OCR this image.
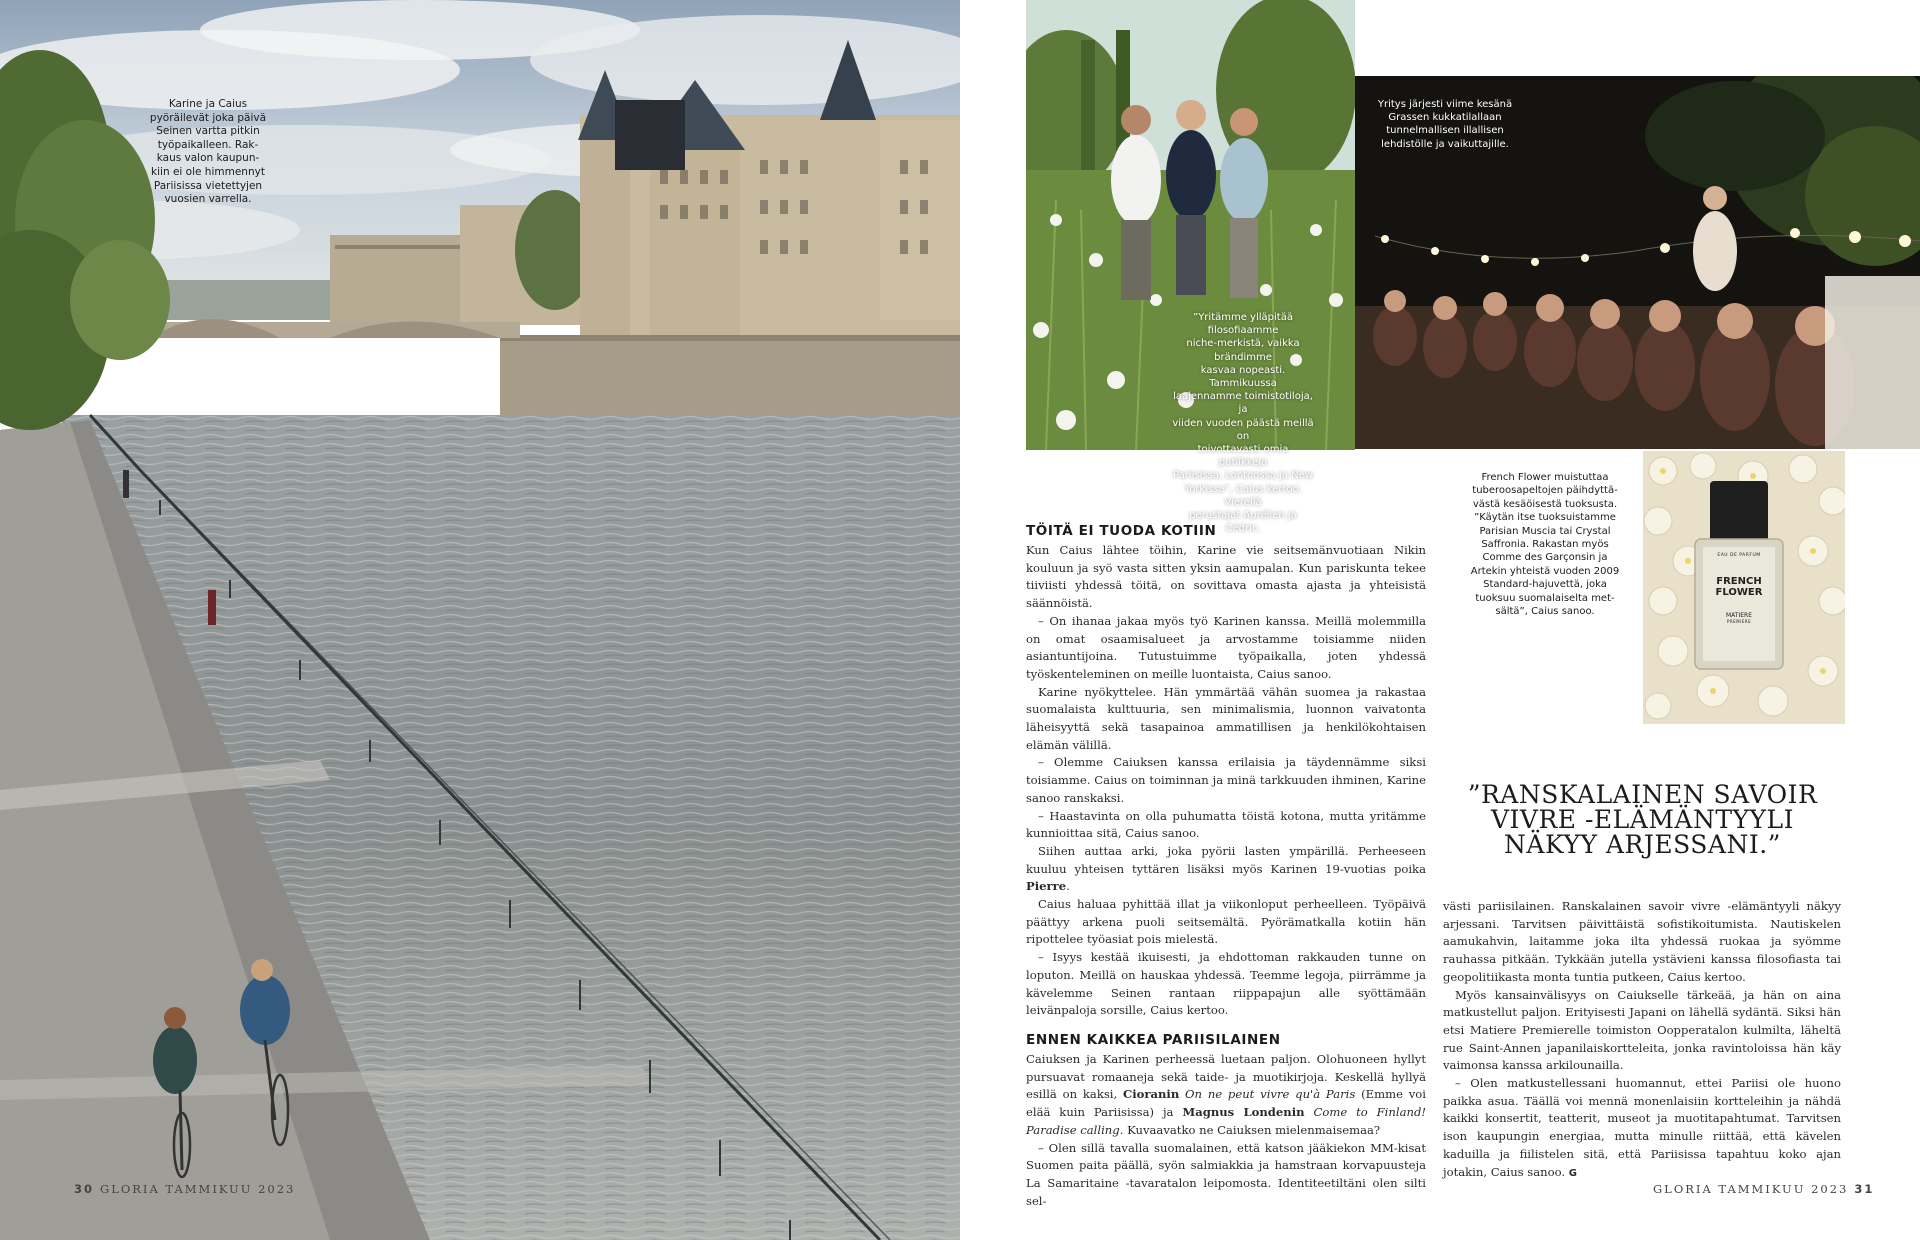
Karine ja Caius
pyöräilevät joka päivä
Seinen vartta pitkin
työpaikalleen. Rak-
kaus valon kaupun-
kiin ei ole himmennyt
Pariisissa vietettyjen
vuosien varrella.
30 GLORIA TAMMIKUU 2023
”Yritämme ylläpitää filosofiaamme
niche-merkistä, vaikka brändimme
kasvaa nopeasti. Tammikuussa
laajennamme toimistotiloja, ja
viiden vuoden päästä meillä on
toivottavasti omia putiikkeja
Pariisissa, Lontoossa ja New
Yorkissa”, Caius kertoo. Vierellä
perustajat Aurélien ja Cédric.
Yritys järjesti viime kesänä
Grassen kukkatilallaan
tunnelmallisen illallisen
lehdistölle ja vaikuttajille.
EAU DE PARFUM
FRENCH
FLOWER
MATIERE
PREMIERE
French Flower muistuttaa
tuberoosapeltojen päihdyttä-
västä kesäöisestä tuoksusta.
”Käytän itse tuoksuistamme
Parisian Muscia tai Crystal
Saffronia. Rakastan myös
Comme des Garçonsin ja
Artekin yhteistä vuoden 2009
Standard-hajuvettä, joka
tuoksuu suomalaiselta met-
sältä”, Caius sanoo.
TÖITÄ EI TUODA KOTIIN

Kun Caius lähtee töihin, Karine vie seitsemänvuotiaan Nikin kouluun ja syö vasta sitten yksin aamupalan. Kun pariskunta tekee tiiviisti yhdessä töitä, on sovittava omasta ajasta ja yhteisistä säännöistä.

– On ihanaa jakaa myös työ Karinen kanssa. Meillä molemmilla on omat osaamisalueet ja arvostamme toisiamme niiden asiantuntijoina. Tutustuimme työpaikalla, joten yhdessä työskenteleminen on meille luontaista, Caius sanoo.

Karine nyökyttelee. Hän ymmärtää vähän suomea ja rakastaa suomalaista kulttuuria, sen minimalismia, luonnon vaivatonta läheisyyttä sekä tasapainoa ammatillisen ja henkilökohtaisen elämän välillä.

– Olemme Caiuksen kanssa erilaisia ja täydennämme siksi toisiamme. Caius on toiminnan ja minä tarkkuuden ihminen, Karine sanoo ranskaksi.

– Haastavinta on olla puhumatta töistä kotona, mutta yritämme kunnioittaa sitä, Caius sanoo.

Siihen auttaa arki, joka pyörii lasten ympärillä. Perheeseen kuuluu yhteisen tyttären lisäksi myös Karinen 19-vuotias poika Pierre.

Caius haluaa pyhittää illat ja viikonloput perheelleen. Työpäivä päättyy arkena puoli seitsemältä. Pyörämatkalla kotiin hän ripottelee työasiat pois mielestä.

– Isyys kestää ikuisesti, ja ehdottoman rakkauden tunne on loputon. Meillä on hauskaa yhdessä. Teemme legoja, piirrämme ja kävelemme Seinen rantaan riippapajun alle syöttämään leivänpaloja sorsille, Caius kertoo.

ENNEN KAIKKEA PARIISILAINEN

Caiuksen ja Karinen perheessä luetaan paljon. Olohuoneen hyllyt pursuavat romaaneja sekä taide- ja muotikirjoja. Keskellä hyllyä esillä on kaksi, Cioranin On ne peut vivre qu'à Paris (Emme voi elää kuin Pariisissa) ja Magnus Londenin Come to Finland! Paradise calling. Kuvaavatko ne Caiuksen mielenmaisemaa?

– Olen sillä tavalla suomalainen, että katson jääkiekon MM-kisat Suomen paita päällä, syön salmiakkia ja hamstraan korvapuusteja La Samaritaine -tavaratalon leipomosta. Identiteetiltäni olen silti sel-

”RANSKALAINEN SAVOIR VIVRE -ELÄMÄNTYYLI NÄKYY ARJESSANI.”

västi pariisilainen. Ranskalainen savoir vivre -elämäntyyli näkyy arjessani. Tarvitsen päivittäistä sofistikoitumista. Nautiskelen aamukahvin, laitamme joka ilta yhdessä ruokaa ja syömme rauhassa pitkään. Tykkään jutella ystävieni kanssa filosofiasta tai geopolitiikasta monta tuntia putkeen, Caius kertoo.

Myös kansainvälisyys on Caiukselle tärkeää, ja hän on aina matkustellut paljon. Erityisesti Japani on lähellä sydäntä. Siksi hän etsi Matiere Premierelle toimiston Oopperatalon kulmilta, läheltä rue Saint-Annen japanilaiskortteleita, jonka ravintoloissa hän käy vaimonsa kanssa arkilounailla.

– Olen matkustellessani huomannut, ettei Pariisi ole huono paikka asua. Täällä voi mennä monenlaisiin kortteleihin ja nähdä kaikki konsertit, teatterit, museot ja muotitapahtumat. Tarvitsen ison kaupungin energiaa, mutta minulle riittää, että kävelen kaduilla ja fiilistelen sitä, että Pariisissa tapahtuu koko ajan jotakin, Caius sanoo. G

GLORIA TAMMIKUU 2023 31
